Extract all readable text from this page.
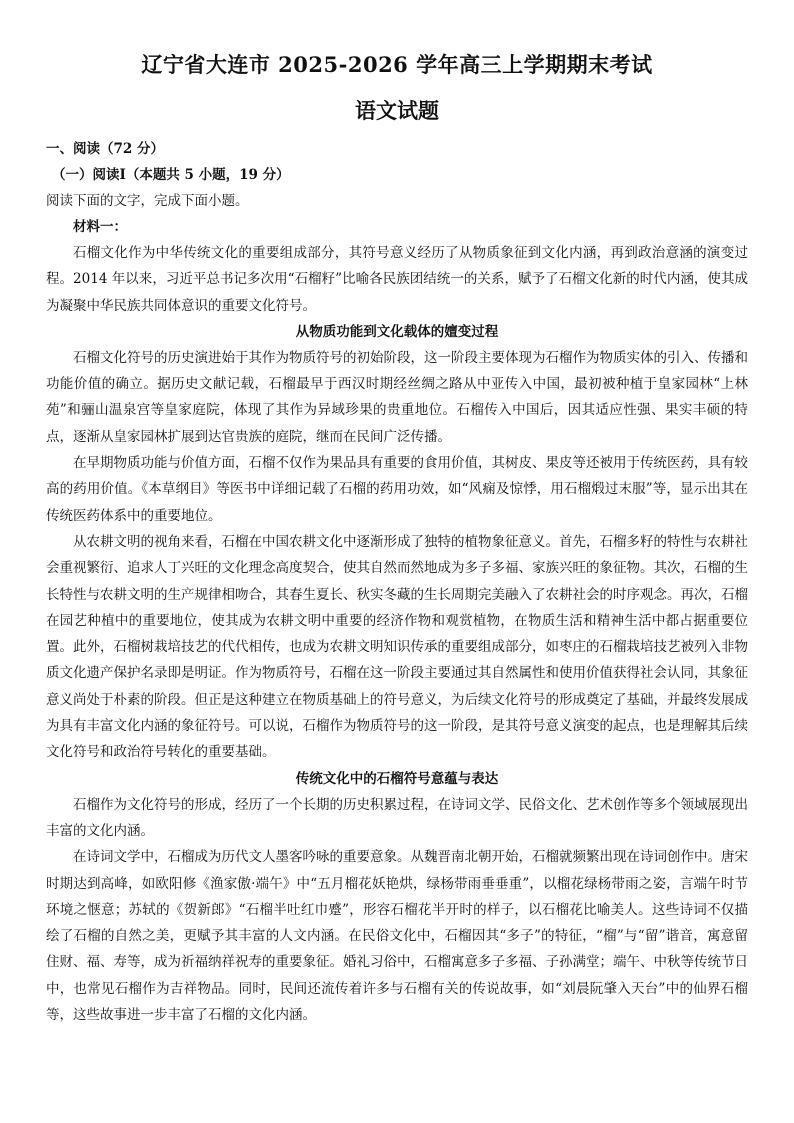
辽宁省大连市 2025-2026 学年高三上学期期末考试
语文试题

一、阅读（72 分）

（一）阅读Ⅰ（本题共 5 小题，19 分）

阅读下面的文字，完成下面小题。

材料一：

石榴文化作为中华传统文化的重要组成部分，其符号意义经历了从物质象征到文化内涵，再到政治意涵的演变过程。2014 年以来，习近平总书记多次用“石榴籽”比喻各民族团结统一的关系，赋予了石榴文化新的时代内涵，使其成为凝聚中华民族共同体意识的重要文化符号。

从物质功能到文化载体的嬗变过程

石榴文化符号的历史演进始于其作为物质符号的初始阶段，这一阶段主要体现为石榴作为物质实体的引入、传播和功能价值的确立。据历史文献记载，石榴最早于西汉时期经丝绸之路从中亚传入中国，最初被种植于皇家园林“上林苑”和骊山温泉宫等皇家庭院，体现了其作为异域珍果的贵重地位。石榴传入中国后，因其适应性强、果实丰硕的特点，逐渐从皇家园林扩展到达官贵族的庭院，继而在民间广泛传播。

在早期物质功能与价值方面，石榴不仅作为果品具有重要的食用价值，其树皮、果皮等还被用于传统医药，具有较高的药用价值。《本草纲目》等医书中详细记载了石榴的药用功效，如“风痫及惊悸，用石榴煅过末服”等，显示出其在传统医药体系中的重要地位。

从农耕文明的视角来看，石榴在中国农耕文化中逐渐形成了独特的植物象征意义。首先，石榴多籽的特性与农耕社会重视繁衍、追求人丁兴旺的文化理念高度契合，使其自然而然地成为多子多福、家族兴旺的象征物。其次，石榴的生长特性与农耕文明的生产规律相吻合，其春生夏长、秋实冬藏的生长周期完美融入了农耕社会的时序观念。再次，石榴在园艺种植中的重要地位，使其成为农耕文明中重要的经济作物和观赏植物，在物质生活和精神生活中都占据重要位置。此外，石榴树栽培技艺的代代相传，也成为农耕文明知识传承的重要组成部分，如枣庄的石榴栽培技艺被列入非物质文化遗产保护名录即是明证。作为物质符号，石榴在这一阶段主要通过其自然属性和使用价值获得社会认同，其象征意义尚处于朴素的阶段。但正是这种建立在物质基础上的符号意义，为后续文化符号的形成奠定了基础，并最终发展成为具有丰富文化内涵的象征符号。可以说，石榴作为物质符号的这一阶段，是其符号意义演变的起点，也是理解其后续文化符号和政治符号转化的重要基础。

传统文化中的石榴符号意蕴与表达

石榴作为文化符号的形成，经历了一个长期的历史积累过程，在诗词文学、民俗文化、艺术创作等多个领域展现出丰富的文化内涵。

在诗词文学中，石榴成为历代文人墨客吟咏的重要意象。从魏晋南北朝开始，石榴就频繁出现在诗词创作中。唐宋时期达到高峰，如欧阳修《渔家傲·端午》中“五月榴花妖艳烘，绿杨带雨垂垂重”，以榴花绿杨带雨之姿，言端午时节环境之惬意；苏轼的《贺新郎》“石榴半吐红巾蹙”，形容石榴花半开时的样子，以石榴花比喻美人。这些诗词不仅描绘了石榴的自然之美，更赋予其丰富的人文内涵。在民俗文化中，石榴因其“多子”的特征，“榴”与“留”谐音，寓意留住财、福、寿等，成为祈福纳祥祝寿的重要象征。婚礼习俗中，石榴寓意多子多福、子孙满堂；端午、中秋等传统节日中，也常见石榴作为吉祥物品。同时，民间还流传着许多与石榴有关的传说故事，如“刘晨阮肇入天台”中的仙界石榴等，这些故事进一步丰富了石榴的文化内涵。
